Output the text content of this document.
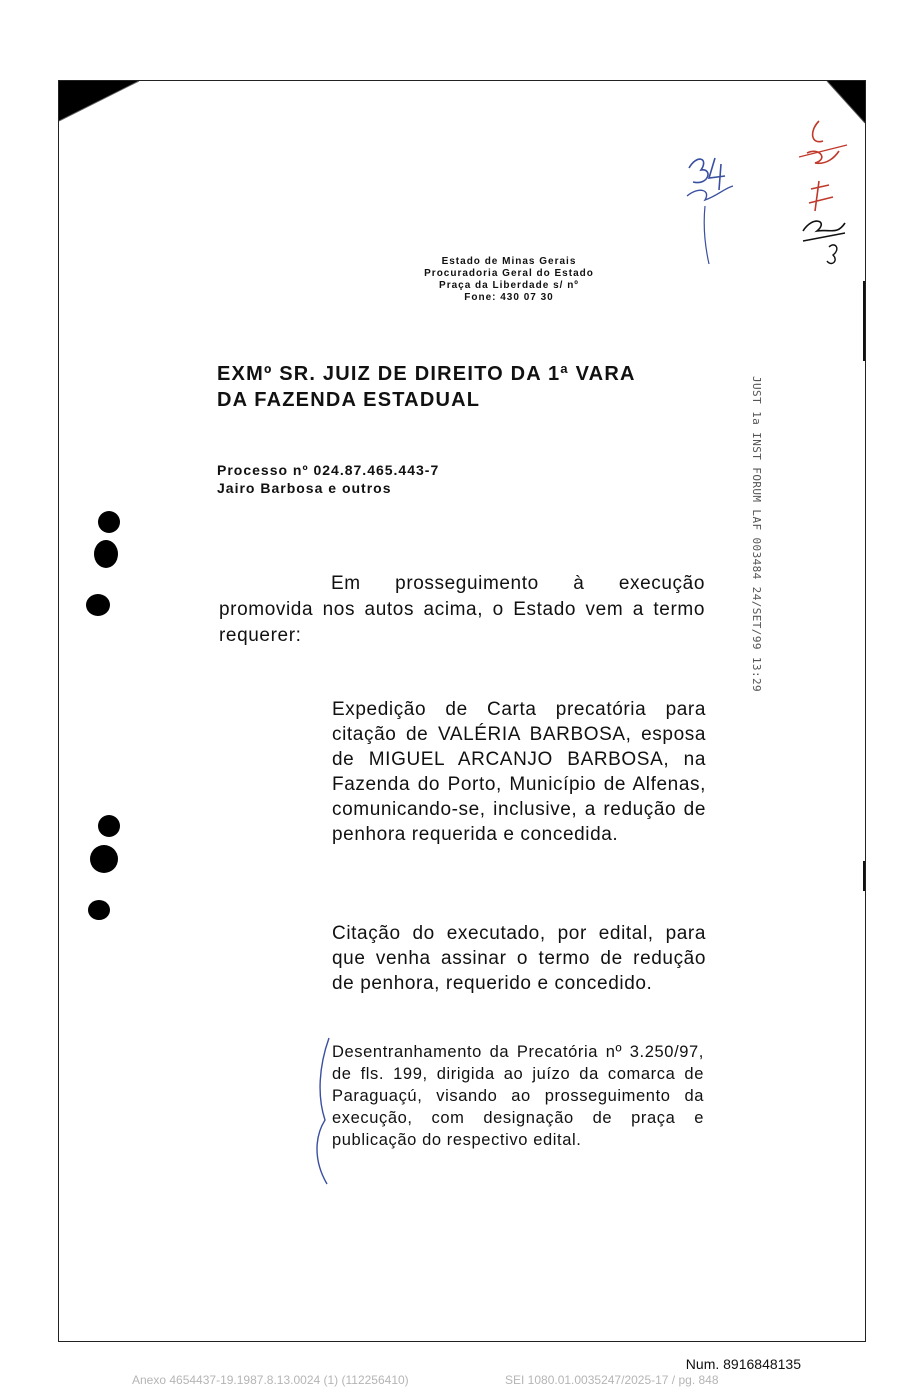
Estado de Minas Gerais
Procuradoria Geral do Estado
Praça da Liberdade s/ nº
Fone: 430 07 30
EXMº SR. JUIZ DE DIREITO DA 1ª VARA
DA FAZENDA ESTADUAL
Processo nº 024.87.465.443-7
Jairo Barbosa e outros
Em prosseguimento à execução promovida nos autos acima, o Estado vem a termo requerer:
Expedição de Carta precatória para citação de VALÉRIA BARBOSA, esposa de MIGUEL ARCANJO BARBOSA, na Fazenda do Porto, Município de Alfenas, comunicando-se, inclusive, a redução de penhora requerida e concedida.
Citação do executado, por edital, para que venha assinar o termo de redução de penhora, requerido e concedido.
Desentranhamento da Precatória nº 3.250/97, de fls. 199, dirigida ao juízo da comarca de Paraguaçú, visando ao prosseguimento da execução, com designação de praça e publicação do respectivo edital.
JUST 1a INST FORUM LAF 003484 24/SET/99 13:29
Num. 8916848135
Anexo 4654437-19.1987.8.13.0024 (1) (112256410)	SEI 1080.01.0035247/2025-17 / pg. 848
